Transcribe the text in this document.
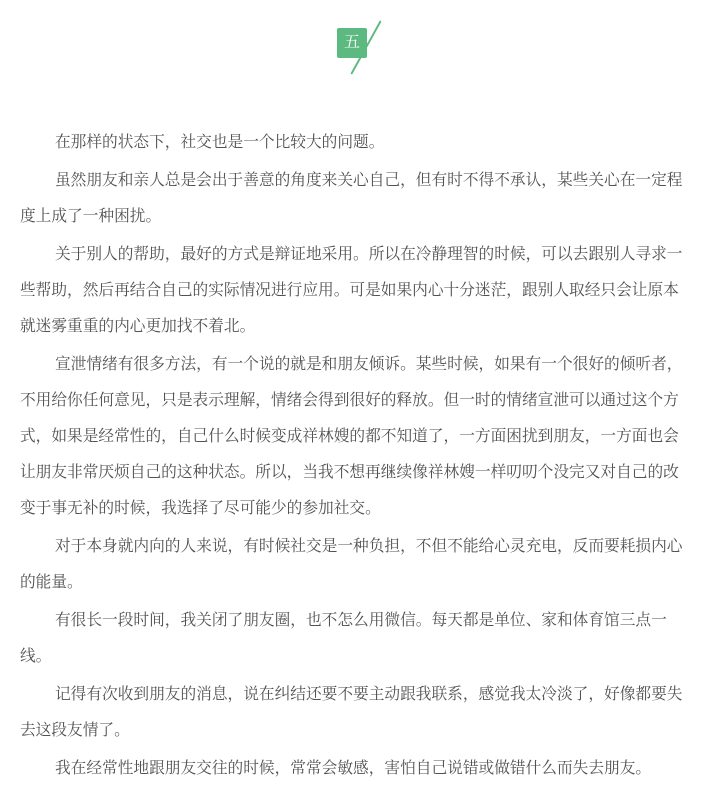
五

在那样的状态下，社交也是一个比较大的问题。

虽然朋友和亲人总是会出于善意的角度来关心自己，但有时不得不承认，某些关心在一定程度上成了一种困扰。

关于别人的帮助，最好的方式是辩证地采用。所以在冷静理智的时候，可以去跟别人寻求一些帮助，然后再结合自己的实际情况进行应用。可是如果内心十分迷茫，跟别人取经只会让原本就迷雾重重的内心更加找不着北。

宣泄情绪有很多方法，有一个说的就是和朋友倾诉。某些时候，如果有一个很好的倾听者，不用给你任何意见，只是表示理解，情绪会得到很好的释放。但一时的情绪宣泄可以通过这个方式，如果是经常性的，自己什么时候变成祥林嫂的都不知道了，一方面困扰到朋友，一方面也会让朋友非常厌烦自己的这种状态。所以，当我不想再继续像祥林嫂一样叨叨个没完又对自己的改变于事无补的时候，我选择了尽可能少的参加社交。

对于本身就内向的人来说，有时候社交是一种负担，不但不能给心灵充电，反而要耗损内心的能量。

有很长一段时间，我关闭了朋友圈，也不怎么用微信。每天都是单位、家和体育馆三点一线。

记得有次收到朋友的消息，说在纠结还要不要主动跟我联系，感觉我太冷淡了，好像都要失去这段友情了。

我在经常性地跟朋友交往的时候，常常会敏感，害怕自己说错或做错什么而失去朋友。
